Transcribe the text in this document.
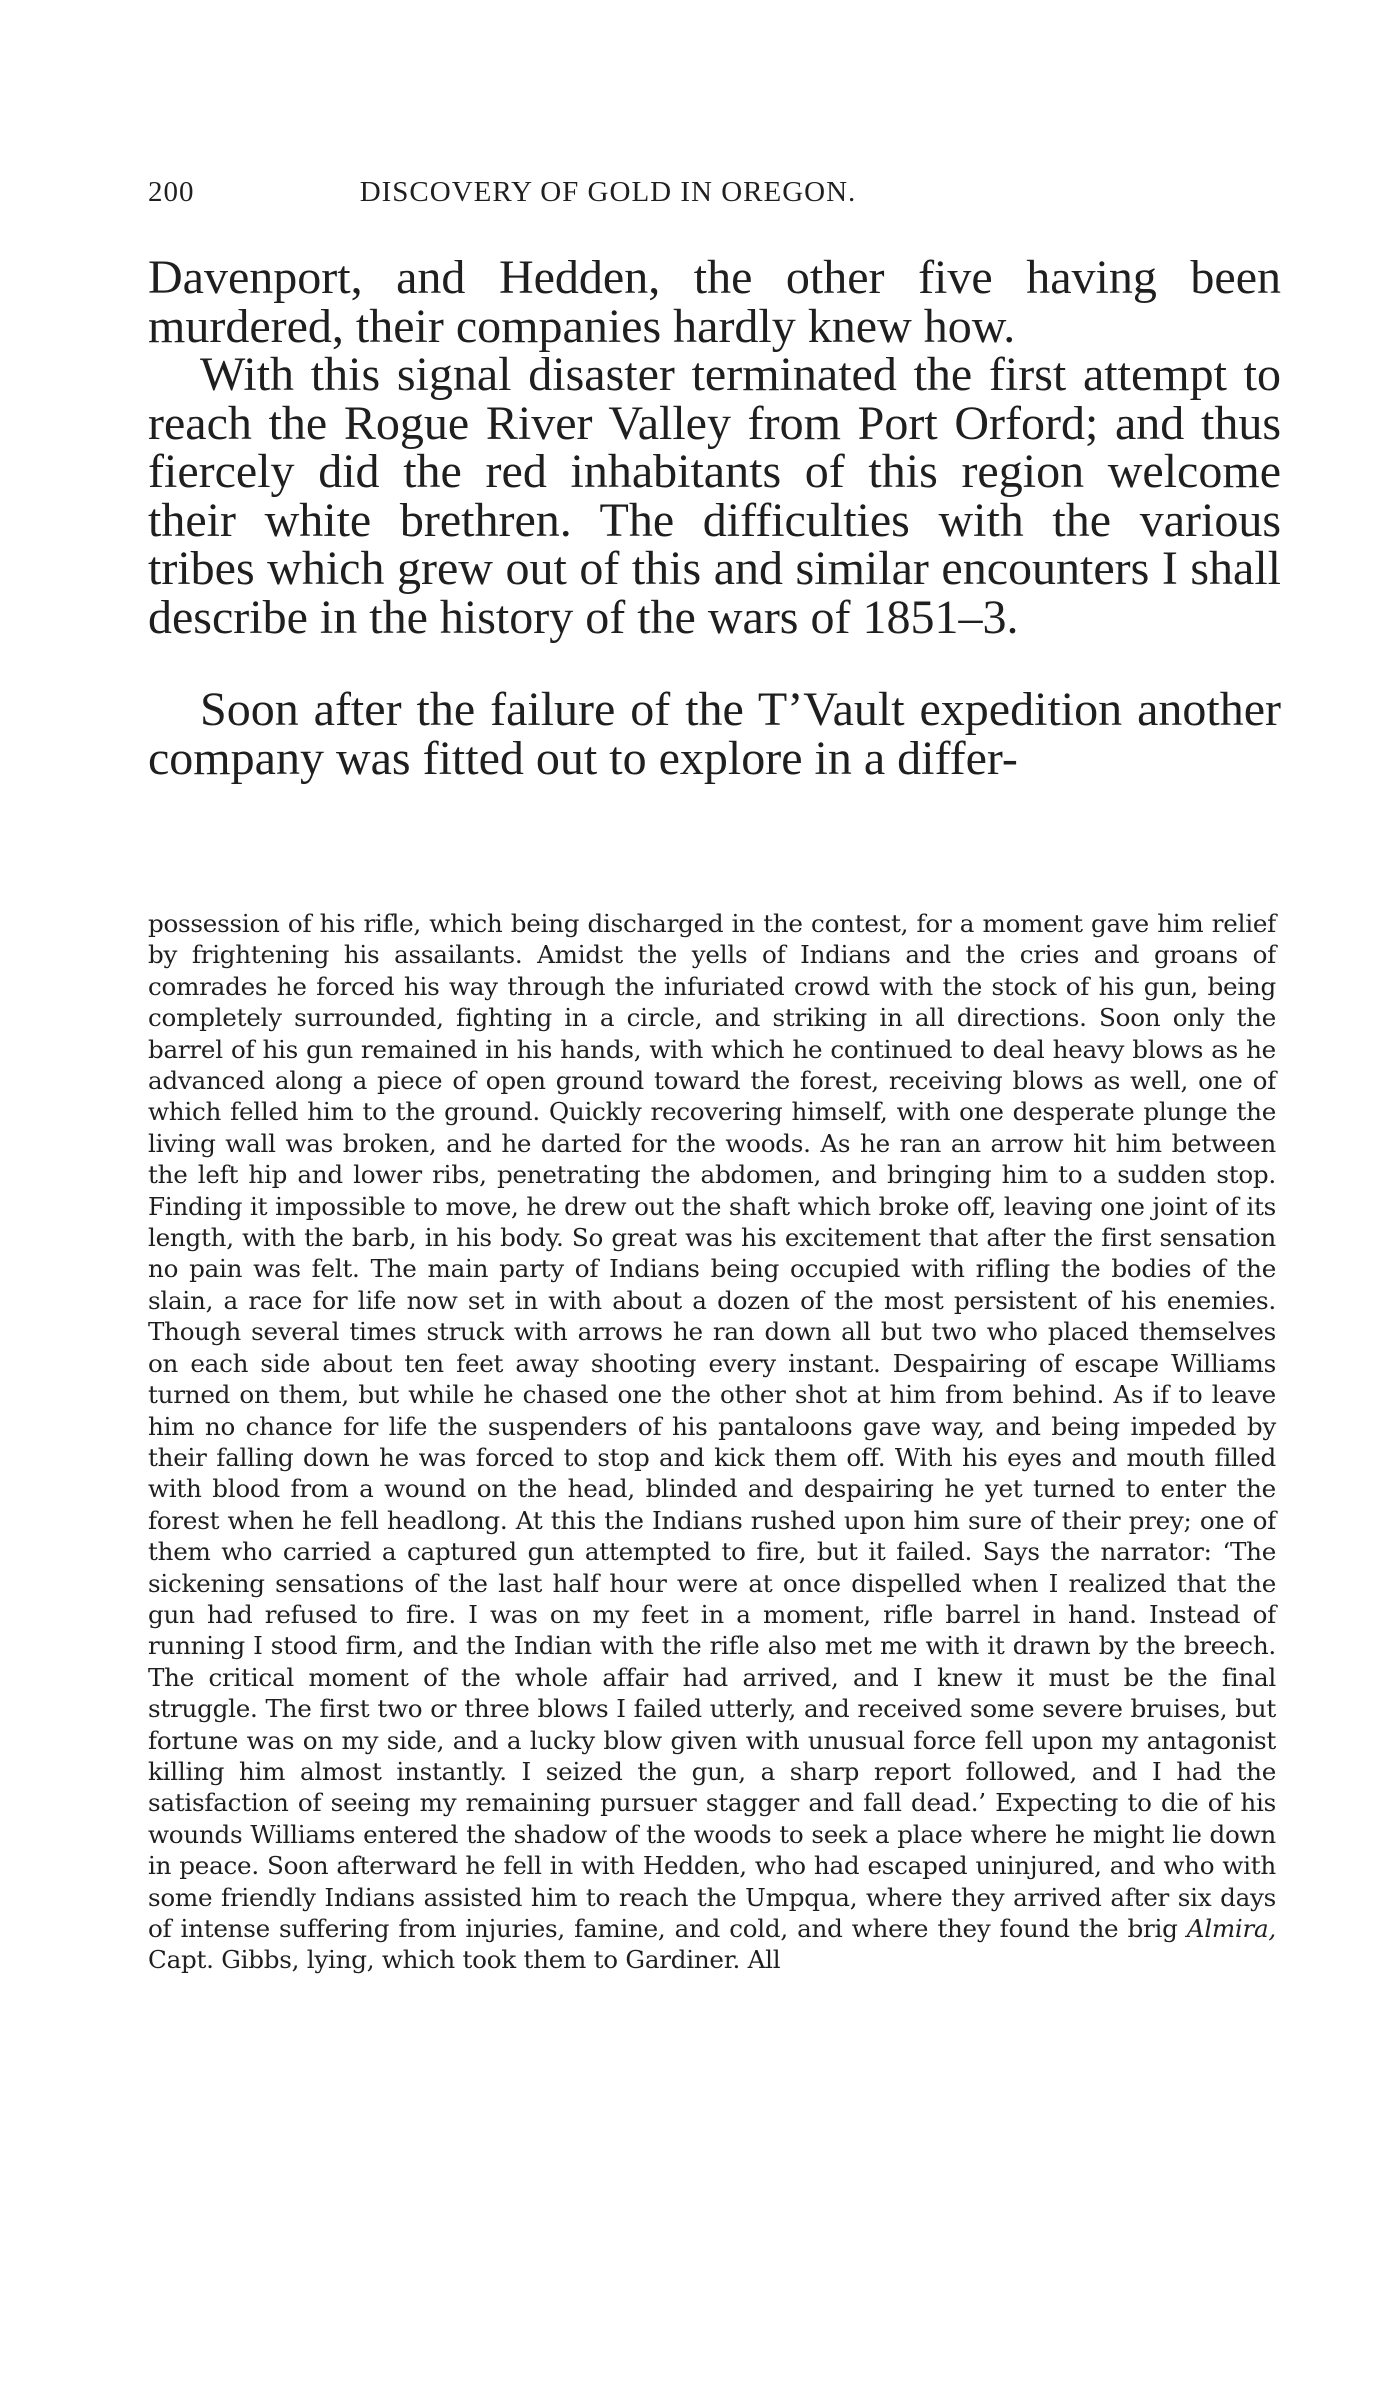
200	DISCOVERY OF GOLD IN OREGON.

Davenport, and Hedden, the other five having been murdered, their companies hardly knew how.

With this signal disaster terminated the first attempt to reach the Rogue River Valley from Port Orford; and thus fiercely did the red inhabitants of this region welcome their white brethren. The difficulties with the various tribes which grew out of this and similar encounters I shall describe in the history of the wars of 1851–3.

Soon after the failure of the T’Vault expedition another company was fitted out to explore in a differ-

possession of his rifle, which being discharged in the contest, for a moment gave him relief by frightening his assailants. Amidst the yells of Indians and the cries and groans of comrades he forced his way through the infuriated crowd with the stock of his gun, being completely surrounded, fighting in a circle, and striking in all directions. Soon only the barrel of his gun remained in his hands, with which he continued to deal heavy blows as he advanced along a piece of open ground toward the forest, receiving blows as well, one of which felled him to the ground. Quickly recovering himself, with one desperate plunge the living wall was broken, and he darted for the woods. As he ran an arrow hit him between the left hip and lower ribs, penetrating the abdomen, and bringing him to a sudden stop. Finding it impossible to move, he drew out the shaft which broke off, leaving one joint of its length, with the barb, in his body. So great was his excitement that after the first sensation no pain was felt. The main party of Indians being occupied with rifling the bodies of the slain, a race for life now set in with about a dozen of the most persistent of his enemies. Though several times struck with arrows he ran down all but two who placed themselves on each side about ten feet away shooting every instant. Despairing of escape Williams turned on them, but while he chased one the other shot at him from behind. As if to leave him no chance for life the suspenders of his pantaloons gave way, and being impeded by their falling down he was forced to stop and kick them off. With his eyes and mouth filled with blood from a wound on the head, blinded and despairing he yet turned to enter the forest when he fell headlong. At this the Indians rushed upon him sure of their prey; one of them who carried a captured gun attempted to fire, but it failed. Says the narrator: ‘The sickening sensations of the last half hour were at once dispelled when I realized that the gun had refused to fire. I was on my feet in a moment, rifle barrel in hand. Instead of running I stood firm, and the Indian with the rifle also met me with it drawn by the breech. The critical moment of the whole affair had arrived, and I knew it must be the final struggle. The first two or three blows I failed utterly, and received some severe bruises, but fortune was on my side, and a lucky blow given with unusual force fell upon my antagonist killing him almost instantly. I seized the gun, a sharp report followed, and I had the satisfaction of seeing my remaining pursuer stagger and fall dead.’ Expecting to die of his wounds Williams entered the shadow of the woods to seek a place where he might lie down in peace. Soon afterward he fell in with Hedden, who had escaped uninjured, and who with some friendly Indians assisted him to reach the Umpqua, where they arrived after six days of intense suffering from injuries, famine, and cold, and where they found the brig Almira, Capt. Gibbs, lying, which took them to Gardiner. All
